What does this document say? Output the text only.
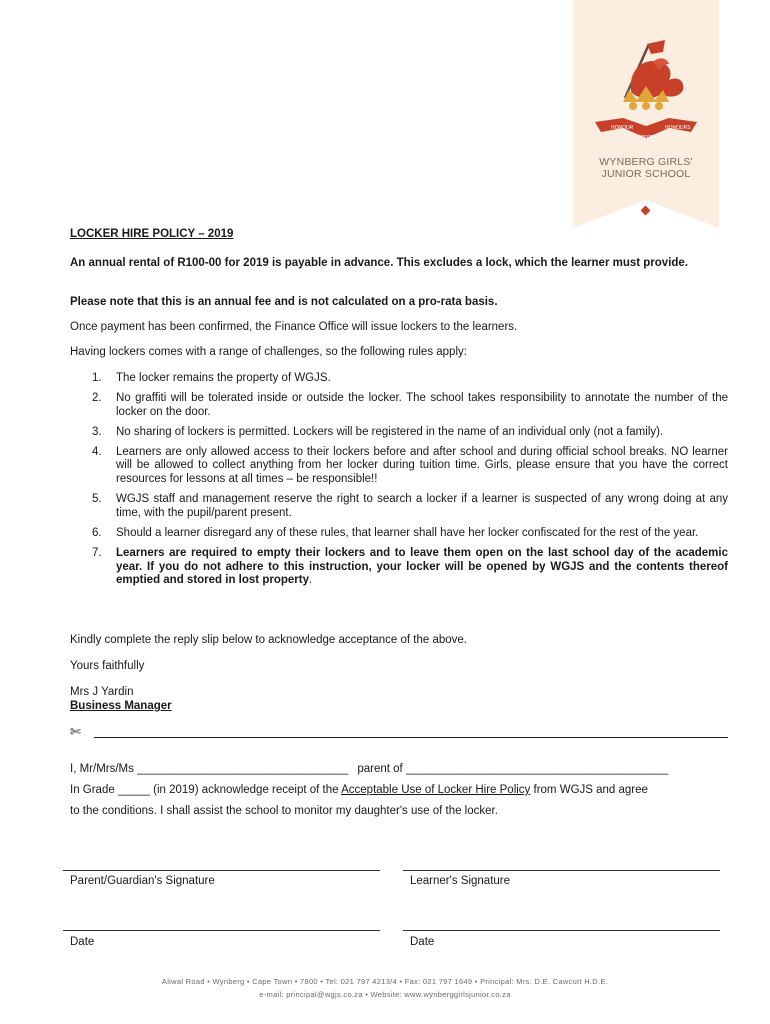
HONOUR
BEFORE
HONOURS
WYNBERG GIRLS'
JUNIOR SCHOOL
LOCKER HIRE POLICY – 2019
An annual rental of R100-00 for 2019 is payable in advance. This excludes a lock, which the learner must provide.
Please note that this is an annual fee and is not calculated on a pro-rata basis.
Once payment has been confirmed, the Finance Office will issue lockers to the learners.
Having lockers comes with a range of challenges, so the following rules apply:
1. The locker remains the property of WGJS.
2. No graffiti will be tolerated inside or outside the locker. The school takes responsibility to annotate the number of the locker on the door.
3. No sharing of lockers is permitted. Lockers will be registered in the name of an individual only (not a family).
4. Learners are only allowed access to their lockers before and after school and during official school breaks. NO learner will be allowed to collect anything from her locker during tuition time. Girls, please ensure that you have the correct resources for lessons at all times – be responsible!!
5. WGJS staff and management reserve the right to search a locker if a learner is suspected of any wrong doing at any time, with the pupil/parent present.
6. Should a learner disregard any of these rules, that learner shall have her locker confiscated for the rest of the year.
7. Learners are required to empty their lockers and to leave them open on the last school day of the academic year. If you do not adhere to this instruction, your locker will be opened by WGJS and the contents thereof emptied and stored in lost property.
Kindly complete the reply slip below to acknowledge acceptance of the above.
Yours faithfully
Mrs J Yardin
Business Manager
✄
I, Mr/Mrs/Ms _________________________________ parent of _________________________________________
In Grade _____ (in 2019) acknowledge receipt of the Acceptable Use of Locker Hire Policy from WGJS and agree
to the conditions. I shall assist the school to monitor my daughter's use of the locker.
Parent/Guardian's Signature	Learner's Signature
Date	Date
Aliwal Road • Wynberg • Cape Town • 7800 • Tel: 021 797 4213/4 • Fax: 021 797 1649 • Principal: Mrs. D.E. Cawcutt H.D.E.
e-mail: principal@wgjs.co.za • Website: www.wynberggirlsjunior.co.za
